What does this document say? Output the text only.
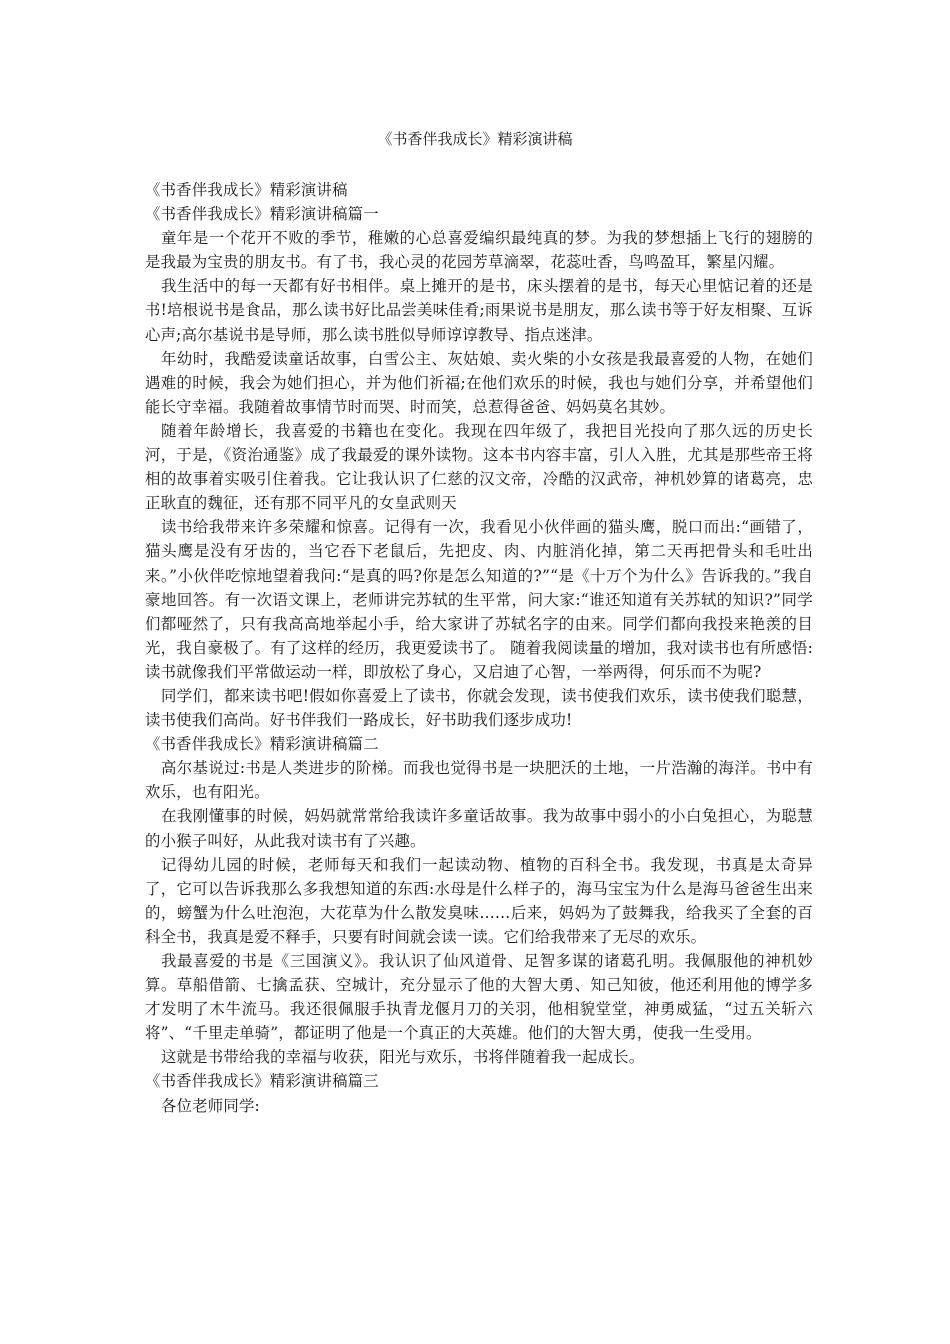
《书香伴我成长》精彩演讲稿

《书香伴我成长》精彩演讲稿

《书香伴我成长》精彩演讲稿篇一

童年是一个花开不败的季节，稚嫩的心总喜爱编织最纯真的梦。为我的梦想插上飞行的翅膀的是我最为宝贵的朋友书。有了书，我心灵的花园芳草滴翠，花蕊吐香，鸟鸣盈耳，繁星闪耀。

我生活中的每一天都有好书相伴。桌上摊开的是书，床头摆着的是书，每天心里惦记着的还是书!培根说书是食品，那么读书好比品尝美味佳肴;雨果说书是朋友，那么读书等于好友相聚、互诉心声;高尔基说书是导师，那么读书胜似导师谆谆教导、指点迷津。

年幼时，我酷爱读童话故事，白雪公主、灰姑娘、卖火柴的小女孩是我最喜爱的人物，在她们遇难的时候，我会为她们担心，并为他们祈福;在他们欢乐的时候，我也与她们分享，并希望他们能长守幸福。我随着故事情节时而哭、时而笑，总惹得爸爸、妈妈莫名其妙。

随着年龄增长，我喜爱的书籍也在变化。我现在四年级了，我把目光投向了那久远的历史长河，于是，《资治通鉴》成了我最爱的课外读物。这本书内容丰富，引人入胜，尤其是那些帝王将相的故事着实吸引住着我。它让我认识了仁慈的汉文帝，冷酷的汉武帝，神机妙算的诸葛亮，忠正耿直的魏征，还有那不同平凡的女皇武则天

读书给我带来许多荣耀和惊喜。记得有一次，我看见小伙伴画的猫头鹰，脱口而出:“画错了，猫头鹰是没有牙齿的，当它吞下老鼠后，先把皮、肉、内脏消化掉，第二天再把骨头和毛吐出来。”小伙伴吃惊地望着我问:“是真的吗?你是怎么知道的?”“是《十万个为什么》告诉我的。”我自豪地回答。有一次语文课上，老师讲完苏轼的生平常，问大家:“谁还知道有关苏轼的知识?”同学们都哑然了，只有我高高地举起小手，给大家讲了苏轼名字的由来。同学们都向我投来艳羡的目光，我自豪极了。有了这样的经历，我更爱读书了。 随着我阅读量的增加，我对读书也有所感悟:读书就像我们平常做运动一样，即放松了身心，又启迪了心智，一举两得，何乐而不为呢?

同学们，都来读书吧!假如你喜爱上了读书，你就会发现，读书使我们欢乐，读书使我们聪慧，读书使我们高尚。好书伴我们一路成长，好书助我们逐步成功!

《书香伴我成长》精彩演讲稿篇二

高尔基说过:书是人类进步的阶梯。而我也觉得书是一块肥沃的土地，一片浩瀚的海洋。书中有欢乐，也有阳光。

在我刚懂事的时候，妈妈就常常给我读许多童话故事。我为故事中弱小的小白兔担心，为聪慧的小猴子叫好，从此我对读书有了兴趣。

记得幼儿园的时候，老师每天和我们一起读动物、植物的百科全书。我发现，书真是太奇异了，它可以告诉我那么多我想知道的东西:水母是什么样子的，海马宝宝为什么是海马爸爸生出来的，螃蟹为什么吐泡泡，大花草为什么散发臭味……后来，妈妈为了鼓舞我，给我买了全套的百科全书，我真是爱不释手，只要有时间就会读一读。它们给我带来了无尽的欢乐。

我最喜爱的书是《三国演义》。我认识了仙风道骨、足智多谋的诸葛孔明。我佩服他的神机妙算。草船借箭、七擒孟获、空城计，充分显示了他的大智大勇、知己知彼，他还利用他的博学多才发明了木牛流马。我还很佩服手执青龙偃月刀的关羽，他相貌堂堂，神勇威猛，“过五关斩六将”、“千里走单骑”，都证明了他是一个真正的大英雄。他们的大智大勇，使我一生受用。

这就是书带给我的幸福与收获，阳光与欢乐，书将伴随着我一起成长。

《书香伴我成长》精彩演讲稿篇三

各位老师同学:
